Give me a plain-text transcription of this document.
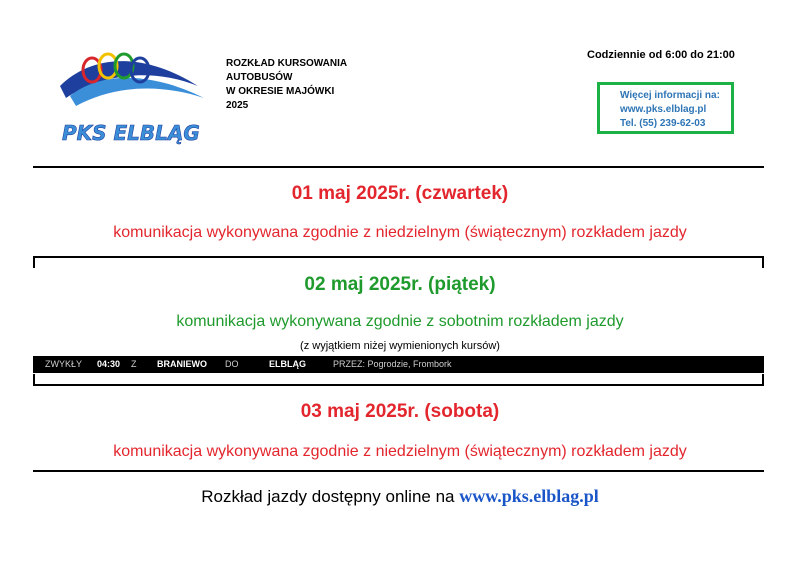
PKS ELBLĄG
ROZKŁAD KURSOWANIA
AUTOBUSÓW
W OKRESIE MAJÓWKI
2025
Codziennie od 6:00 do 21:00
Więcej informacji na:
www.pks.elblag.pl
Tel. (55) 239-62-03
01 maj 2025r. (czwartek)
komunikacja wykonywana zgodnie z niedzielnym (świątecznym) rozkładem jazdy
02 maj 2025r. (piątek)
komunikacja wykonywana zgodnie z sobotnim rozkładem jazdy
(z wyjątkiem niżej wymienionych kursów)
ZWYKŁY 04:30 Z BRANIEWO DO	ELBLĄG	PRZEZ: Pogrodzie, Frombork
03 maj 2025r. (sobota)
komunikacja wykonywana zgodnie z niedzielnym (świątecznym) rozkładem jazdy
Rozkład jazdy dostępny online na www.pks.elblag.pl
